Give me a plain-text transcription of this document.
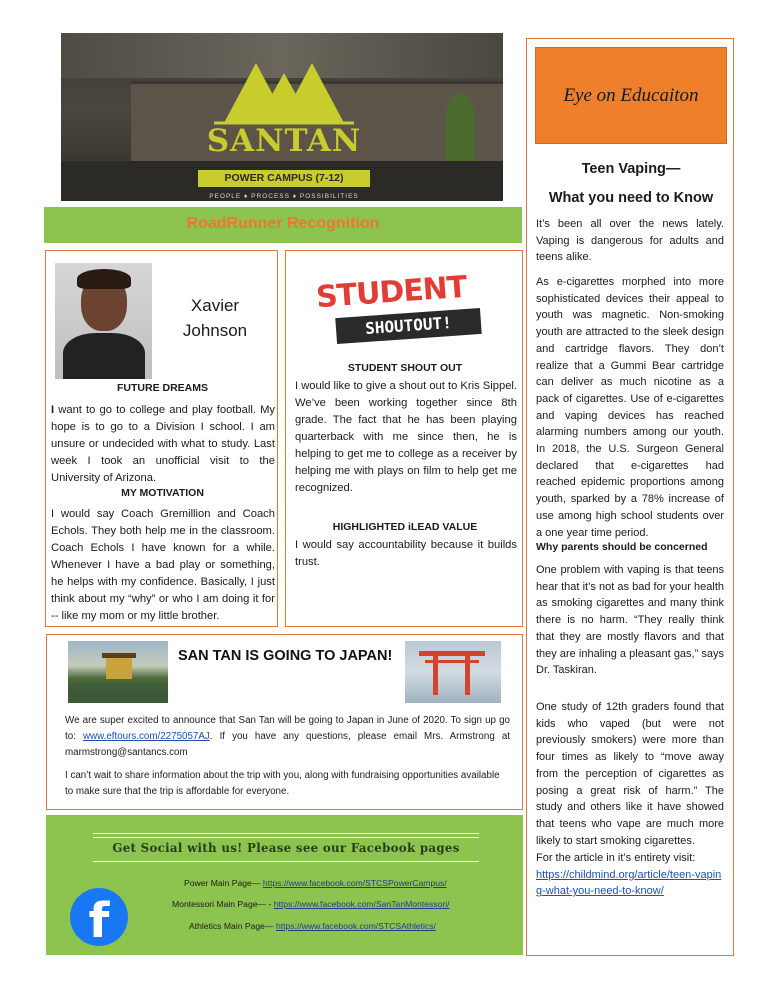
SANTAN
POWER CAMPUS (7-12)
PEOPLE ♦ PROCESS ♦ POSSIBILITIES
RoadRunner Recognition
Xavier
Johnson
FUTURE DREAMS
I want to go to college and play football. My hope is to go to a Division I school. I am unsure or undecided with what to study. Last week I took an unofficial visit to the University of Arizona.
MY MOTIVATION
I would say Coach Gremillion and Coach Echols. They both help me in the classroom. Coach Echols I have known for a while. Whenever I have a bad play or something, he helps with my confidence. Basically, I just think about my “why” or who I am doing it for -- like my mom or my little brother.
STUDENT
SHOUTOUT!
STUDENT SHOUT OUT
I would like to give a shout out to Kris Sippel. We’ve been working together since 8th grade. The fact that he has been playing quarterback with me since then, he is helping to get me to college as a receiver by helping me with plays on film to help get me recognized.
HIGHLIGHTED iLEAD VALUE
I would say accountability because it builds trust.
SAN TAN IS GOING TO JAPAN!
We are super excited to announce that San Tan will be going to Japan in June of 2020. To sign up go to: www.eftours.com/2275057AJ. If you have any questions, please email Mrs. Armstrong at marmstrong@santancs.com
I can’t wait to share information about the trip with you, along with fundraising opportunities available to make sure that the trip is affordable for everyone.
Get Social with us! Please see our Facebook pages
f
Power Main Page— https://www.facebook.com/STCSPowerCampus/
Montessori Main Page— - https://www.facebook.com/SanTanMontessori/
Athletics Main Page— https://www.facebook.com/STCSAthletics/
Eye on Educaiton
Teen Vaping—
What you need to Know
It’s been all over the news lately. Vaping is dangerous for adults and teens alike.
As e-cigarettes morphed into more sophisticated devices their appeal to youth was magnetic. Non-smoking youth are attracted to the sleek design and cartridge flavors. They don’t realize that a Gummi Bear cartridge can deliver as much nicotine as a pack of cigarettes. Use of e-cigarettes and vaping devices has reached alarming numbers among our youth. In 2018, the U.S. Surgeon General declared that e-cigarettes had reached epidemic proportions among youth, sparked by a 78% increase of use among high school students over a one year time period.
Why parents should be concerned
One problem with vaping is that teens hear that it’s not as bad for your health as smoking cigarettes and many think there is no harm. “They really think that they are mostly flavors and that they are inhaling a pleasant gas,” says Dr. Taskiran.
One study of 12th graders found that kids who vaped (but were not previously smokers) were more than four times as likely to “move away from the perception of cigarettes as posing a great risk of harm.” The study and others like it have showed that teens who vape are much more likely to start smoking cigarettes.
For the article in it’s entirety visit:
https://childmind.org/article/teen-vaping-what-you-need-to-know/
